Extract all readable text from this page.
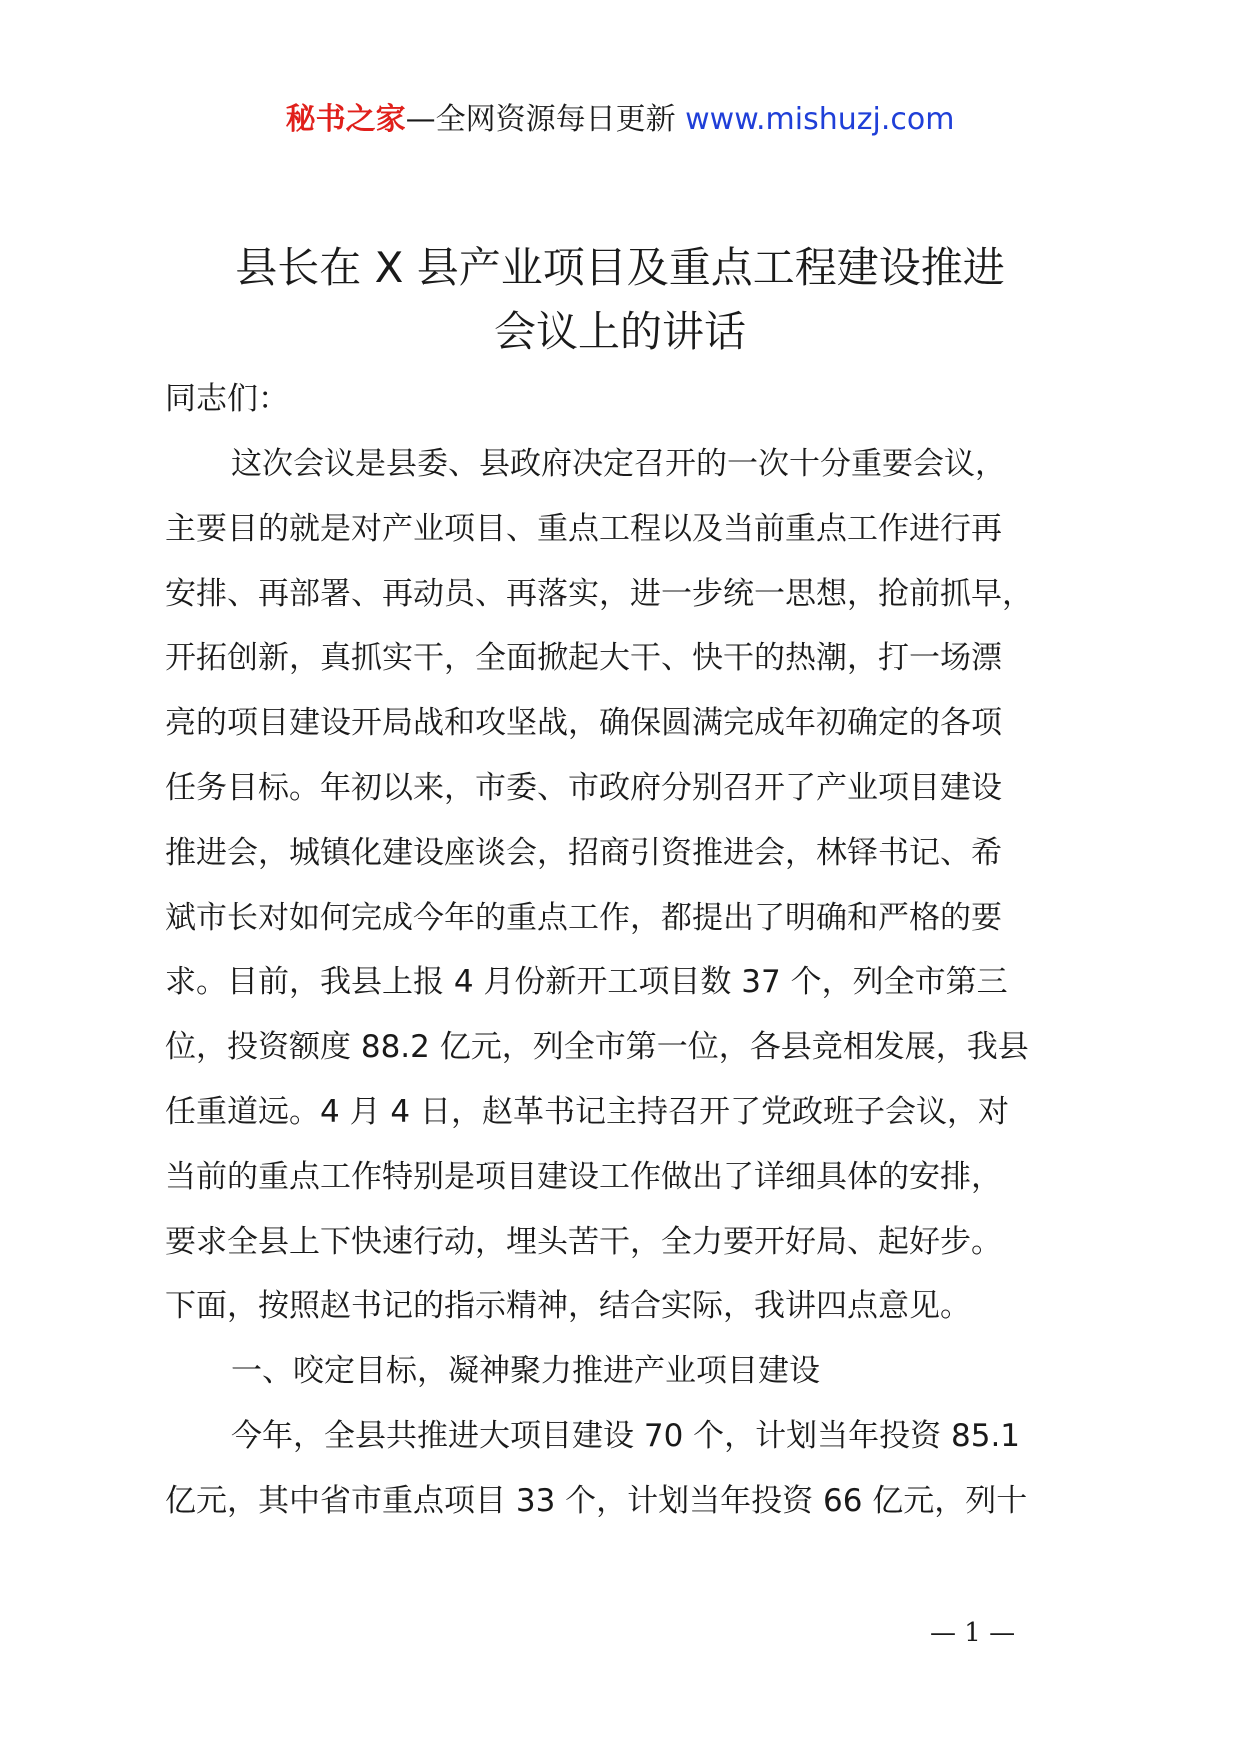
秘书之家—全网资源每日更新 www.mishuzj.com
县长在 X 县产业项目及重点工程建设推进
会议上的讲话
同志们：
这次会议是县委、县政府决定召开的一次十分重要会议，
主要目的就是对产业项目、重点工程以及当前重点工作进行再
安排、再部署、再动员、再落实，进一步统一思想，抢前抓早，
开拓创新，真抓实干，全面掀起大干、快干的热潮，打一场漂
亮的项目建设开局战和攻坚战，确保圆满完成年初确定的各项
任务目标。年初以来，市委、市政府分别召开了产业项目建设
推进会，城镇化建设座谈会，招商引资推进会，林铎书记、希
斌市长对如何完成今年的重点工作，都提出了明确和严格的要
求。目前，我县上报 4 月份新开工项目数 37 个，列全市第三
位，投资额度 88.2 亿元，列全市第一位，各县竞相发展，我县
任重道远。4 月 4 日，赵革书记主持召开了党政班子会议，对
当前的重点工作特别是项目建设工作做出了详细具体的安排，
要求全县上下快速行动，埋头苦干，全力要开好局、起好步。
下面，按照赵书记的指示精神，结合实际，我讲四点意见。
一、咬定目标，凝神聚力推进产业项目建设
今年，全县共推进大项目建设 70 个，计划当年投资 85.1
亿元，其中省市重点项目 33 个，计划当年投资 66 亿元，列十
— 1 —
